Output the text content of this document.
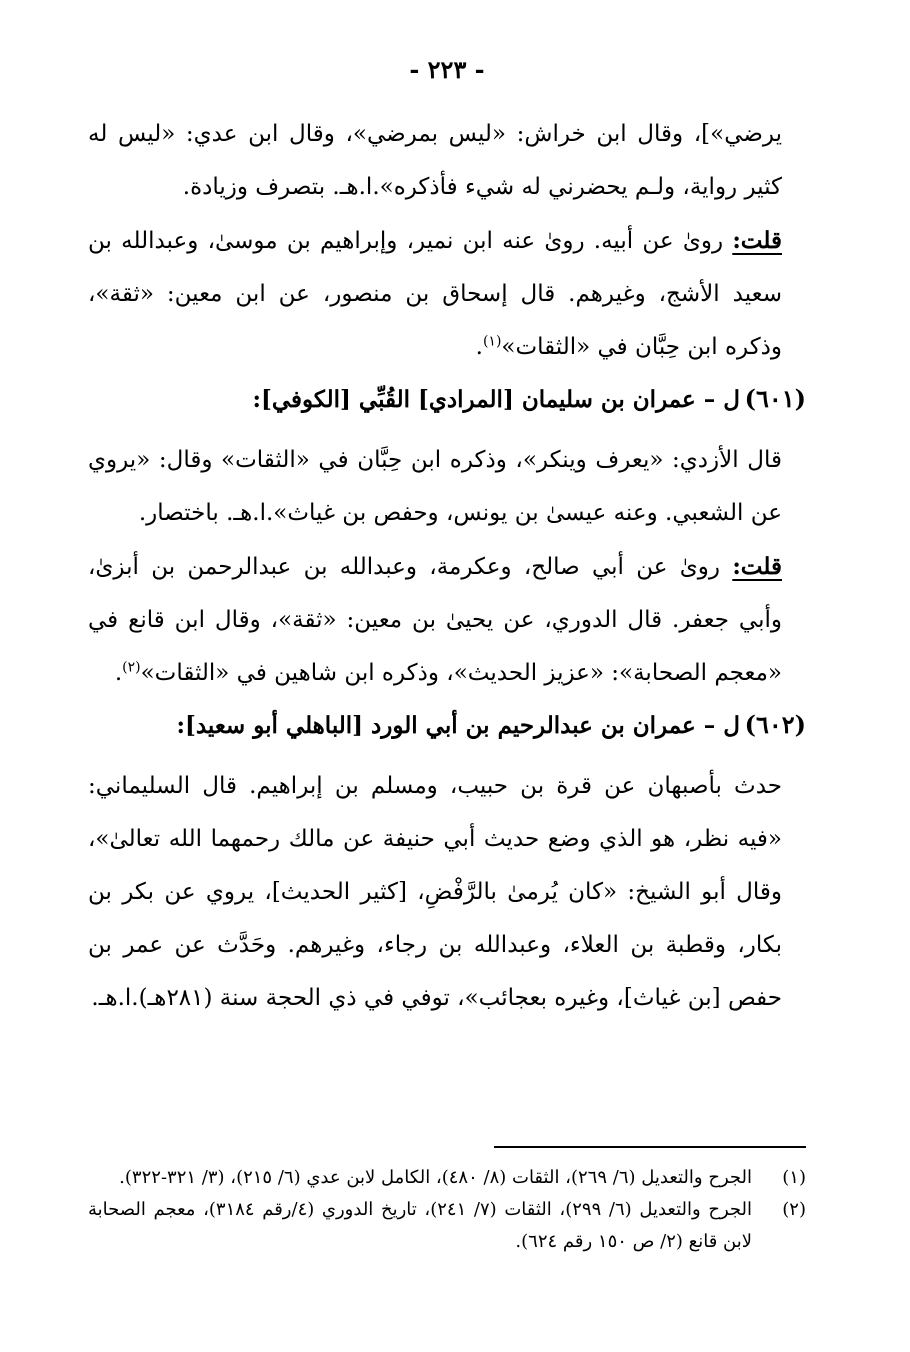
- ٢٢٣ -
يرضي»]، وقال ابن خراش: «ليس بمرضي»، وقال ابن عدي: «ليس له كثير رواية، ولـم يحضرني له شيء فأذكره».ا.هـ. بتصرف وزيادة.
قلت: روىٰ عن أبيه. روىٰ عنه ابن نمير، وإبراهيم بن موسىٰ، وعبدالله بن سعيد الأشج، وغيرهم. قال إسحاق بن منصور، عن ابن معين: «ثقة»، وذكره ابن حِبَّان في «الثقات»$^{(١)}$.
(٦٠١)
ل – عمران بن سليمان [المرادي] القُبِّي [الكوفي]:
قال الأزدي: «يعرف وينكر»، وذكره ابن حِبَّان في «الثقات» وقال: «يروي عن الشعبي. وعنه عيسىٰ بن يونس، وحفص بن غياث».ا.هـ. باختصار.
قلت: روىٰ عن أبي صالح، وعكرمة، وعبدالله بن عبدالرحمن بن أبزىٰ، وأبي جعفر. قال الدوري، عن يحيىٰ بن معين: «ثقة»، وقال ابن قانع في «معجم الصحابة»: «عزيز الحديث»، وذكره ابن شاهين في «الثقات»$^{(٢)}$.
(٦٠٢)
ل – عمران بن عبدالرحيم بن أبي الورد [الباهلي أبو سعيد]:
حدث بأصبهان عن قرة بن حبيب، ومسلم بن إبراهيم. قال السليماني: «فيه نظر، هو الذي وضع حديث أبي حنيفة عن مالك رحمهما الله تعالىٰ»، وقال أبو الشيخ: «كان يُرمىٰ بالرَّفْضِ، [كثير الحديث]، يروي عن بكر بن بكار، وقطبة بن العلاء، وعبدالله بن رجاء، وغيرهم. وحَدَّث عن عمر بن حفص [بن غياث]، وغيره بعجائب»، توفي في ذي الحجة سنة (٢٨١هـ).ا.هـ.
(١)
الجرح والتعديل (٦/ ٢٦٩)، الثقات (٨/ ٤٨٠)، الكامل لابن عدي (٦/ ٢١٥)، (٣/ ٣٢١-٣٢٢).
(٢)
الجرح والتعديل (٦/ ٢٩٩)، الثقات (٧/ ٢٤١)، تاريخ الدوري (٤/رقم ٣١٨٤)، معجم الصحابة لابن قانع (٢/ ص ١٥٠ رقم ٦٢٤).
